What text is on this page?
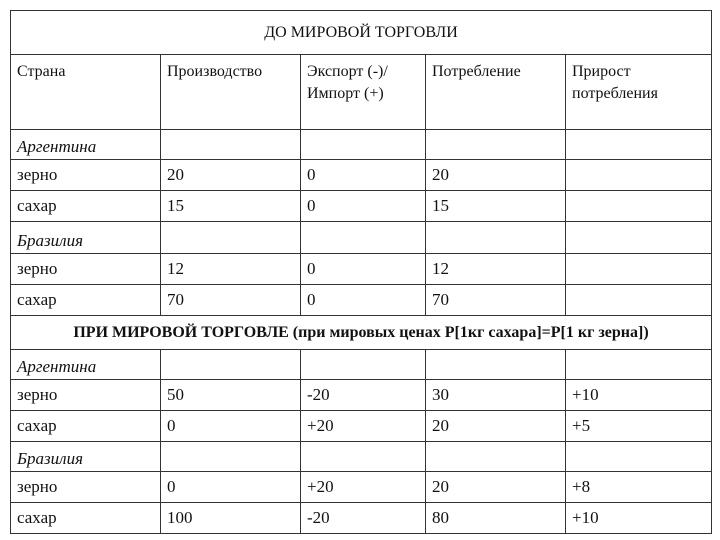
ДО МИРОВОЙ ТОРГОВЛИ				
Страна	Производство	Экспорт (-)/ Импорт (+)	Потребление	Прирост потребления
Аргентина				
зерно	20	0	20	
сахар	15	0	15	
Бразилия				
зерно	12	0	12	
сахар	70	0	70	
ПРИ МИРОВОЙ ТОРГОВЛЕ (при мировых ценах Р[1кг сахара]=Р[1 кг зерна])				
Аргентина				
зерно	50	-20	30	+10
сахар	0	+20	20	+5
Бразилия				
зерно	0	+20	20	+8
сахар	100	-20	80	+10
